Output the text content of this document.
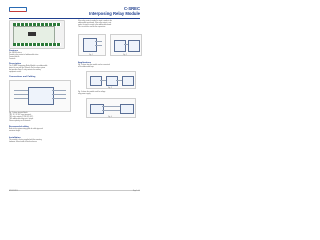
C-SREC
Interposing Relay Module
If the relay contact is made the input is made to the
addressable input board. If the relay contact is not
made, the input is made to the addressable board.
This can also be used for the supervision.
Fig. 1	Fig. 2
Features
Fits SR-300 device
Provides relay contact of addressable status
Terminal blocks
Terminals
Description
The C-SREC Interposing Relay Module is an addressable
device for use with the Cerberus Pro fire alarm system
that provides Form-C relay contacts for auxiliary
equipment control.
Connections and Cabling
Fig. 1 shows terminal labels.
TB1: 12 / 24 VDC input terminals.
TB2: relay contacts (COM, NO, NC).
TB3: addressable loop input / output.
Observe polarity on all terminals.
Recommended cabling
Refer to the system wiring guide for cable type and
maximum length.
Installation
This module is factory supplied with the mounting
hardware. Mount inside a listed enclosure.
Applications
Fig. 3 shows how the module can be connected
to the addressable loop.
Fig. 3
Fig. 4 shows the module used for voltage
relay power supply.
Fig. 4
A6V10241114	Page 1 of 4
